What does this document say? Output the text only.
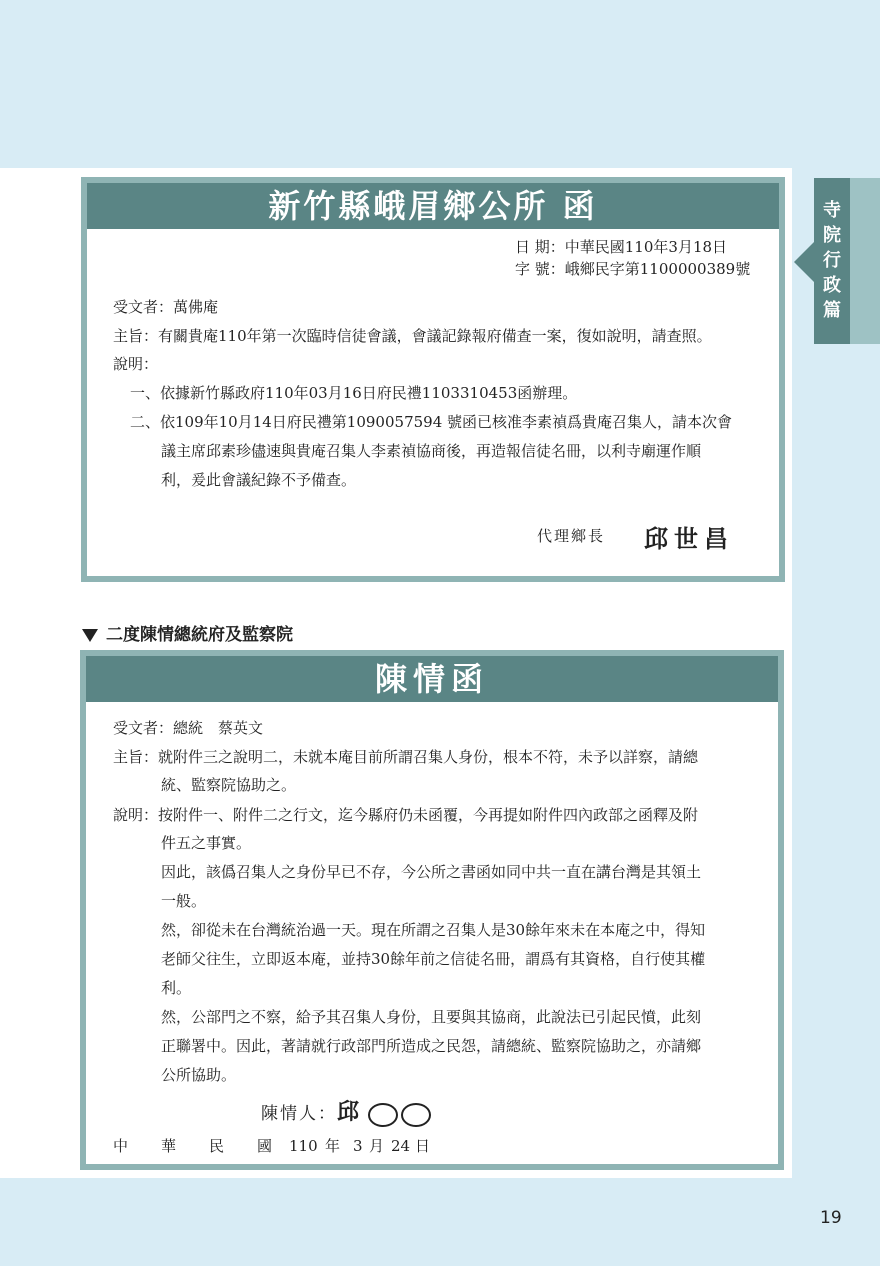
寺
院
行
政
篇
新竹縣峨眉鄉公所 函
日 期：中華民國110年3月18日
字 號：峨鄉民字第1100000389號
受文者：萬佛庵
主旨：有關貴庵110年第一次臨時信徒會議，會議記錄報府備查一案，復如說明，請查照。
說明：
一、依據新竹縣政府110年03月16日府民禮1103310453函辦理。
二、依109年10月14日府民禮第1090057594 號函已核准李素禎爲貴庵召集人，請本次會
議主席邱素珍儘速與貴庵召集人李素禎協商後，再造報信徒名冊，以利寺廟運作順
利，爰此會議紀錄不予備查。
代理鄉長 邱世昌
二度陳情總統府及監察院
陳情函
受文者：總統　蔡英文
主旨：就附件三之說明二，未就本庵目前所謂召集人身份，根本不符，未予以詳察，請總
統、監察院協助之。
說明：按附件一、附件二之行文，迄今縣府仍未函覆，今再提如附件四內政部之函釋及附
件五之事實。
因此，該僞召集人之身份早已不存，今公所之書函如同中共一直在講台灣是其領土
一般。
然，卻從未在台灣統治過一天。現在所謂之召集人是30餘年來未在本庵之中，得知
老師父往生，立即返本庵，並持30餘年前之信徒名冊，謂爲有其資格，自行使其權
利。
然，公部門之不察，給予其召集人身份，且要與其協商，此說法已引起民憤，此刻
正聯署中。因此，著請就行政部門所造成之民怨，請總統、監察院協助之，亦請鄉
公所協助。
陳情人：邱
中 華 民 國 110 年 3 月 24 日
19
